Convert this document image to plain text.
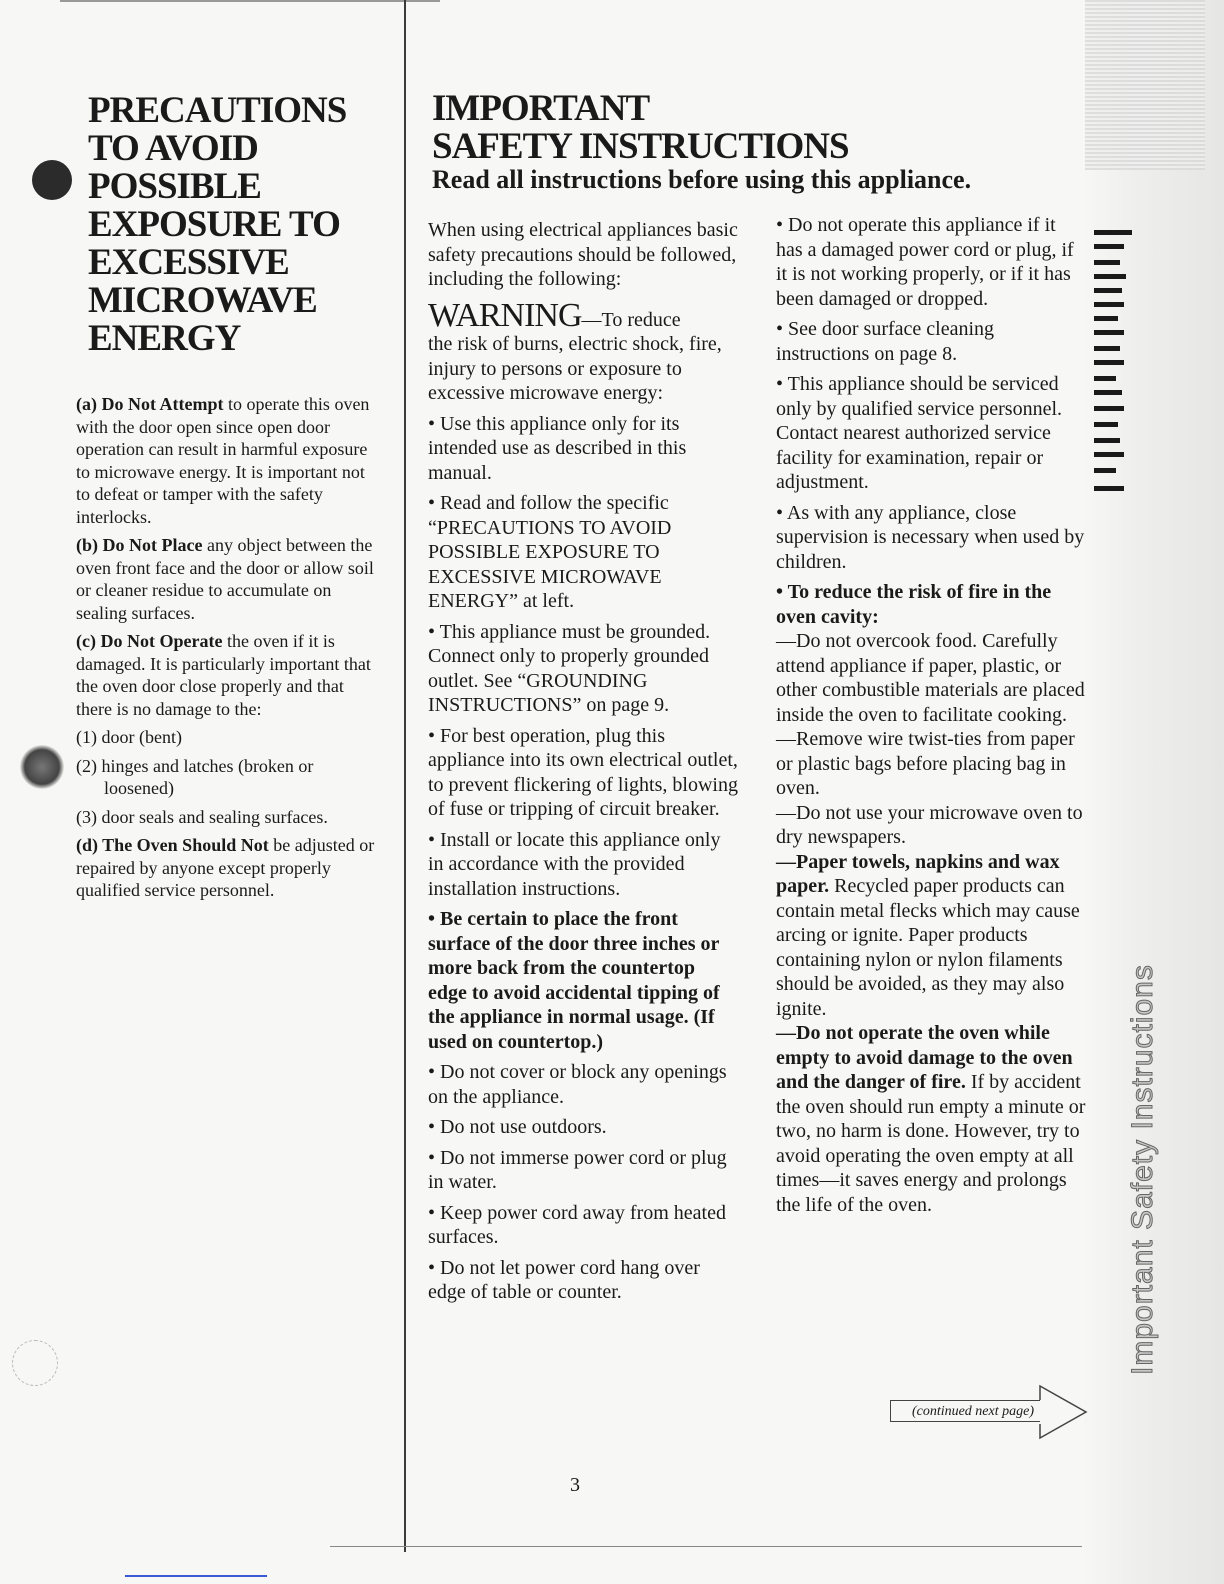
PRECAUTIONS
TO AVOID
POSSIBLE
EXPOSURE TO
EXCESSIVE
MICROWAVE
ENERGY

(a) Do Not Attempt to operate this oven with the door open since open door operation can result in harmful exposure to microwave energy. It is important not to defeat or tamper with the safety interlocks.

(b) Do Not Place any object between the oven front face and the door or allow soil or cleaner residue to accumulate on sealing surfaces.

(c) Do Not Operate the oven if it is damaged. It is particularly important that the oven door close properly and that there is no damage to the:

(1) door (bent)

(2) hinges and latches (broken or loosened)

(3) door seals and sealing surfaces.

(d) The Oven Should Not be adjusted or repaired by anyone except properly qualified service personnel.

IMPORTANT
SAFETY INSTRUCTIONS
Read all instructions before using this appliance.

When using electrical appliances basic safety precautions should be followed, including the following:

WARNING—To reduce
the risk of burns, electric shock, fire, injury to persons or exposure to excessive microwave energy:

• Use this appliance only for its intended use as described in this manual.

• Read and follow the specific “PRECAUTIONS TO AVOID POSSIBLE EXPOSURE TO EXCESSIVE MICROWAVE ENERGY” at left.

• This appliance must be grounded. Connect only to properly grounded outlet. See “GROUNDING INSTRUCTIONS” on page 9.

• For best operation, plug this appliance into its own electrical outlet, to prevent flickering of lights, blowing of fuse or tripping of circuit breaker.

• Install or locate this appliance only in accordance with the provided installation instructions.

• Be certain to place the front surface of the door three inches or more back from the countertop edge to avoid accidental tipping of the appliance in normal usage. (If used on countertop.)

• Do not cover or block any openings on the appliance.

• Do not use outdoors.

• Do not immerse power cord or plug in water.

• Keep power cord away from heated surfaces.

• Do not let power cord hang over edge of table or counter.

• Do not operate this appliance if it has a damaged power cord or plug, if it is not working properly, or if it has been damaged or dropped.

• See door surface cleaning instructions on page 8.

• This appliance should be serviced only by qualified service personnel. Contact nearest authorized service facility for examination, repair or adjustment.

• As with any appliance, close supervision is necessary when used by children.

• To reduce the risk of fire in the oven cavity:

—Do not overcook food. Carefully attend appliance if paper, plastic, or other combustible materials are placed inside the oven to facilitate cooking.

—Remove wire twist-ties from paper or plastic bags before placing bag in oven.

—Do not use your microwave oven to dry newspapers.

—Paper towels, napkins and wax paper. Recycled paper products can contain metal flecks which may cause arcing or ignite. Paper products containing nylon or nylon filaments should be avoided, as they may also ignite.

—Do not operate the oven while empty to avoid damage to the oven and the danger of fire. If by accident the oven should run empty a minute or two, no harm is done. However, try to avoid operating the oven empty at all times—it saves energy and prolongs the life of the oven.

(continued next page)
3
Important Safety Instructions
